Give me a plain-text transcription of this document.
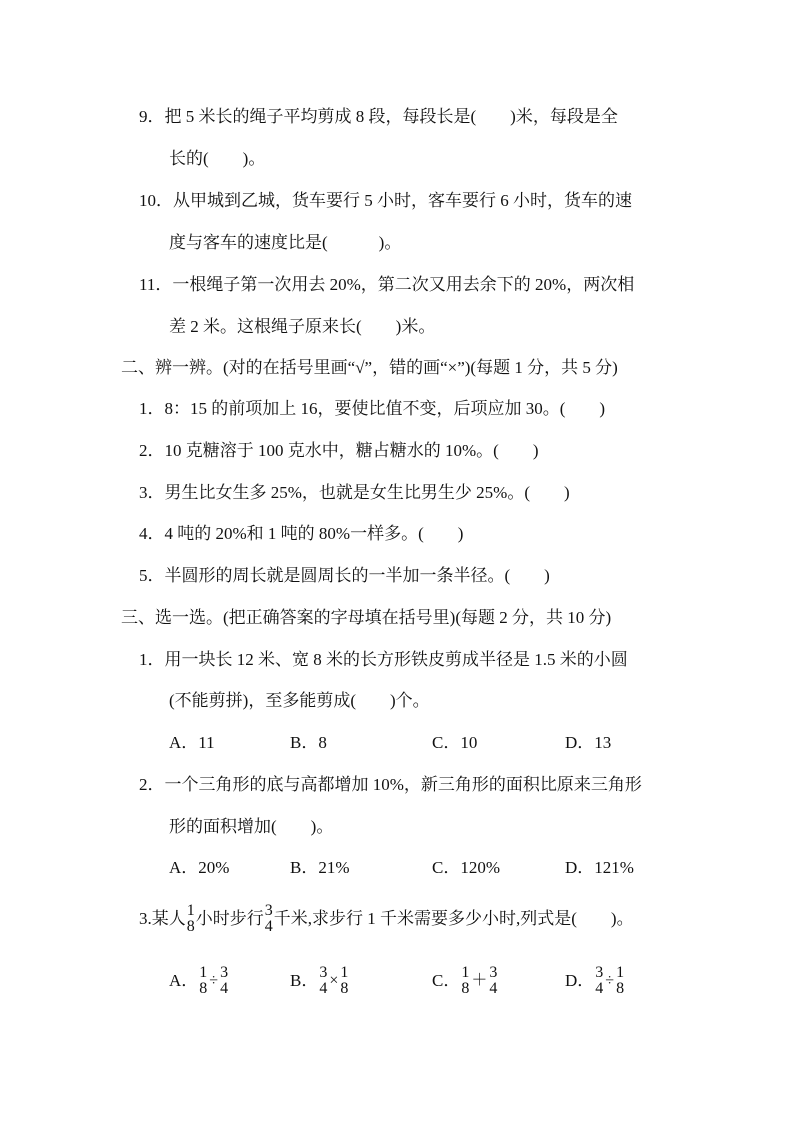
9．把 5 米长的绳子平均剪成 8 段，每段长是(　　)米，每段是全
长的(　　)。
10．从甲城到乙城，货车要行 5 小时，客车要行 6 小时，货车的速
度与客车的速度比是(　　　)。
11．一根绳子第一次用去 20%，第二次又用去余下的 20%，两次相
差 2 米。这根绳子原来长(　　)米。
二、辨一辨。(对的在括号里画“√”，错的画“×”)(每题 1 分，共 5 分)
1．8：15 的前项加上 16，要使比值不变，后项应加 30。(　　)
2．10 克糖溶于 100 克水中，糖占糖水的 10%。(　　)
3．男生比女生多 25%，也就是女生比男生少 25%。(　　)
4．4 吨的 20%和 1 吨的 80%一样多。(　　)
5．半圆形的周长就是圆周长的一半加一条半径。(　　)
三、选一选。(把正确答案的字母填在括号里)(每题 2 分，共 10 分)
1．用一块长 12 米、宽 8 米的长方形铁皮剪成半径是 1.5 米的小圆
(不能剪拼)，至多能剪成(　　)个。
A．11	B．8	C．10	D．13
2．一个三角形的底与高都增加 10%，新三角形的面积比原来三角形
形的面积增加(　　)。
A．20%	B．21%	C．120%	D．121%
3.某人 1
8 小时步行 3
4 千米,求步行 1 千米需要多少小时,列式是(　　)。
A． 1
8 ÷ 3
4	B． 3
4 × 1
8	C． 1
8 ＋ 3
4	D． 3
4 ÷ 1
8
